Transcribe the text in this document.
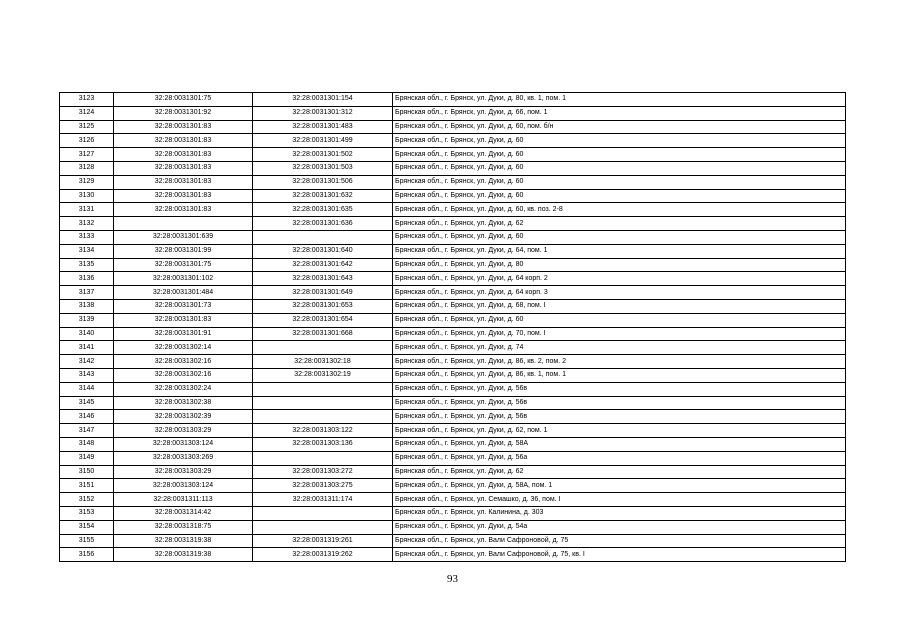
3123	32:28:0031301:75	32:28:0031301:154	Брянская обл., г. Брянск, ул. Дуки, д. 80, кв. 1, пом. 1
3124	32:28:0031301:92	32:28:0031301:312	Брянская обл., г. Брянск, ул. Дуки, д. 66, пом. 1
3125	32:28:0031301:83	32:28:0031301:483	Брянская обл., г. Брянск, ул. Дуки, д. 60, пом. б/н
3126	32:28:0031301:83	32:28:0031301:499	Брянская обл., г. Брянск, ул. Дуки, д. 60
3127	32:28:0031301:83	32:28:0031301:502	Брянская обл., г. Брянск, ул. Дуки, д. 60
3128	32:28:0031301:83	32:28:0031301:503	Брянская обл., г. Брянск, ул. Дуки, д. 60
3129	32:28:0031301:83	32:28:0031301:506	Брянская обл., г. Брянск, ул. Дуки, д. 60
3130	32:28:0031301:83	32:28:0031301:632	Брянская обл., г. Брянск, ул. Дуки, д. 60
3131	32:28:0031301:83	32:28:0031301:635	Брянская обл., г. Брянск, ул. Дуки, д. 60, кв. поз. 2-8
3132		32:28:0031301:636	Брянская обл., г. Брянск, ул. Дуки, д. 62
3133	32:28:0031301:639		Брянская обл., г. Брянск, ул. Дуки, д. 60
3134	32:28:0031301:99	32:28:0031301:640	Брянская обл., г. Брянск, ул. Дуки, д. 64, пом. 1
3135	32:28:0031301:75	32:28:0031301:642	Брянская обл., г. Брянск, ул. Дуки, д. 80
3136	32:28:0031301:102	32:28:0031301:643	Брянская обл., г. Брянск, ул. Дуки, д. 64 корп. 2
3137	32:28:0031301:484	32:28:0031301:649	Брянская обл., г. Брянск, ул. Дуки, д. 64 корп. 3
3138	32:28:0031301:73	32:28:0031301:653	Брянская обл., г. Брянск, ул. Дуки, д. 68, пом. I
3139	32:28:0031301:83	32:28:0031301:654	Брянская обл., г. Брянск, ул. Дуки, д. 60
3140	32:28:0031301:91	32:28:0031301:668	Брянская обл., г. Брянск, ул. Дуки, д. 70, пом. I
3141	32:28:0031302:14		Брянская обл., г. Брянск, ул. Дуки, д. 74
3142	32:28:0031302:16	32:28:0031302:18	Брянская обл., г. Брянск, ул. Дуки, д. 86, кв. 2, пом. 2
3143	32:28:0031302:16	32:28:0031302:19	Брянская обл., г. Брянск, ул. Дуки, д. 86, кв. 1, пом. 1
3144	32:28:0031302:24		Брянская обл., г. Брянск, ул. Дуки, д. 56в
3145	32:28:0031302:38		Брянская обл., г. Брянск, ул. Дуки, д. 56в
3146	32:28:0031302:39		Брянская обл., г. Брянск, ул. Дуки, д. 56в
3147	32:28:0031303:29	32:28:0031303:122	Брянская обл., г. Брянск, ул. Дуки, д. 62, пом. 1
3148	32:28:0031303:124	32:28:0031303:136	Брянская обл., г. Брянск, ул. Дуки, д. 58А
3149	32:28:0031303:269		Брянская обл., г. Брянск, ул. Дуки, д. 56а
3150	32:28:0031303:29	32:28:0031303:272	Брянская обл., г. Брянск, ул. Дуки, д. 62
3151	32:28:0031303:124	32:28:0031303:275	Брянская обл., г. Брянск, ул. Дуки, д. 58А, пом. 1
3152	32:28:0031311:113	32:28:0031311:174	Брянская обл., г. Брянск, ул. Семашко, д. 36, пом. I
3153	32:28:0031314:42		Брянская обл., г. Брянск, ул. Калинина, д. 303
3154	32:28:0031318:75		Брянская обл., г. Брянск, ул. Дуки, д. 54а
3155	32:28:0031319:38	32:28:0031319:261	Брянская обл., г. Брянск, ул. Вали Сафроновой, д. 75
3156	32:28:0031319:38	32:28:0031319:262	Брянская обл., г. Брянск, ул. Вали Сафроновой, д. 75, кв. I
93
